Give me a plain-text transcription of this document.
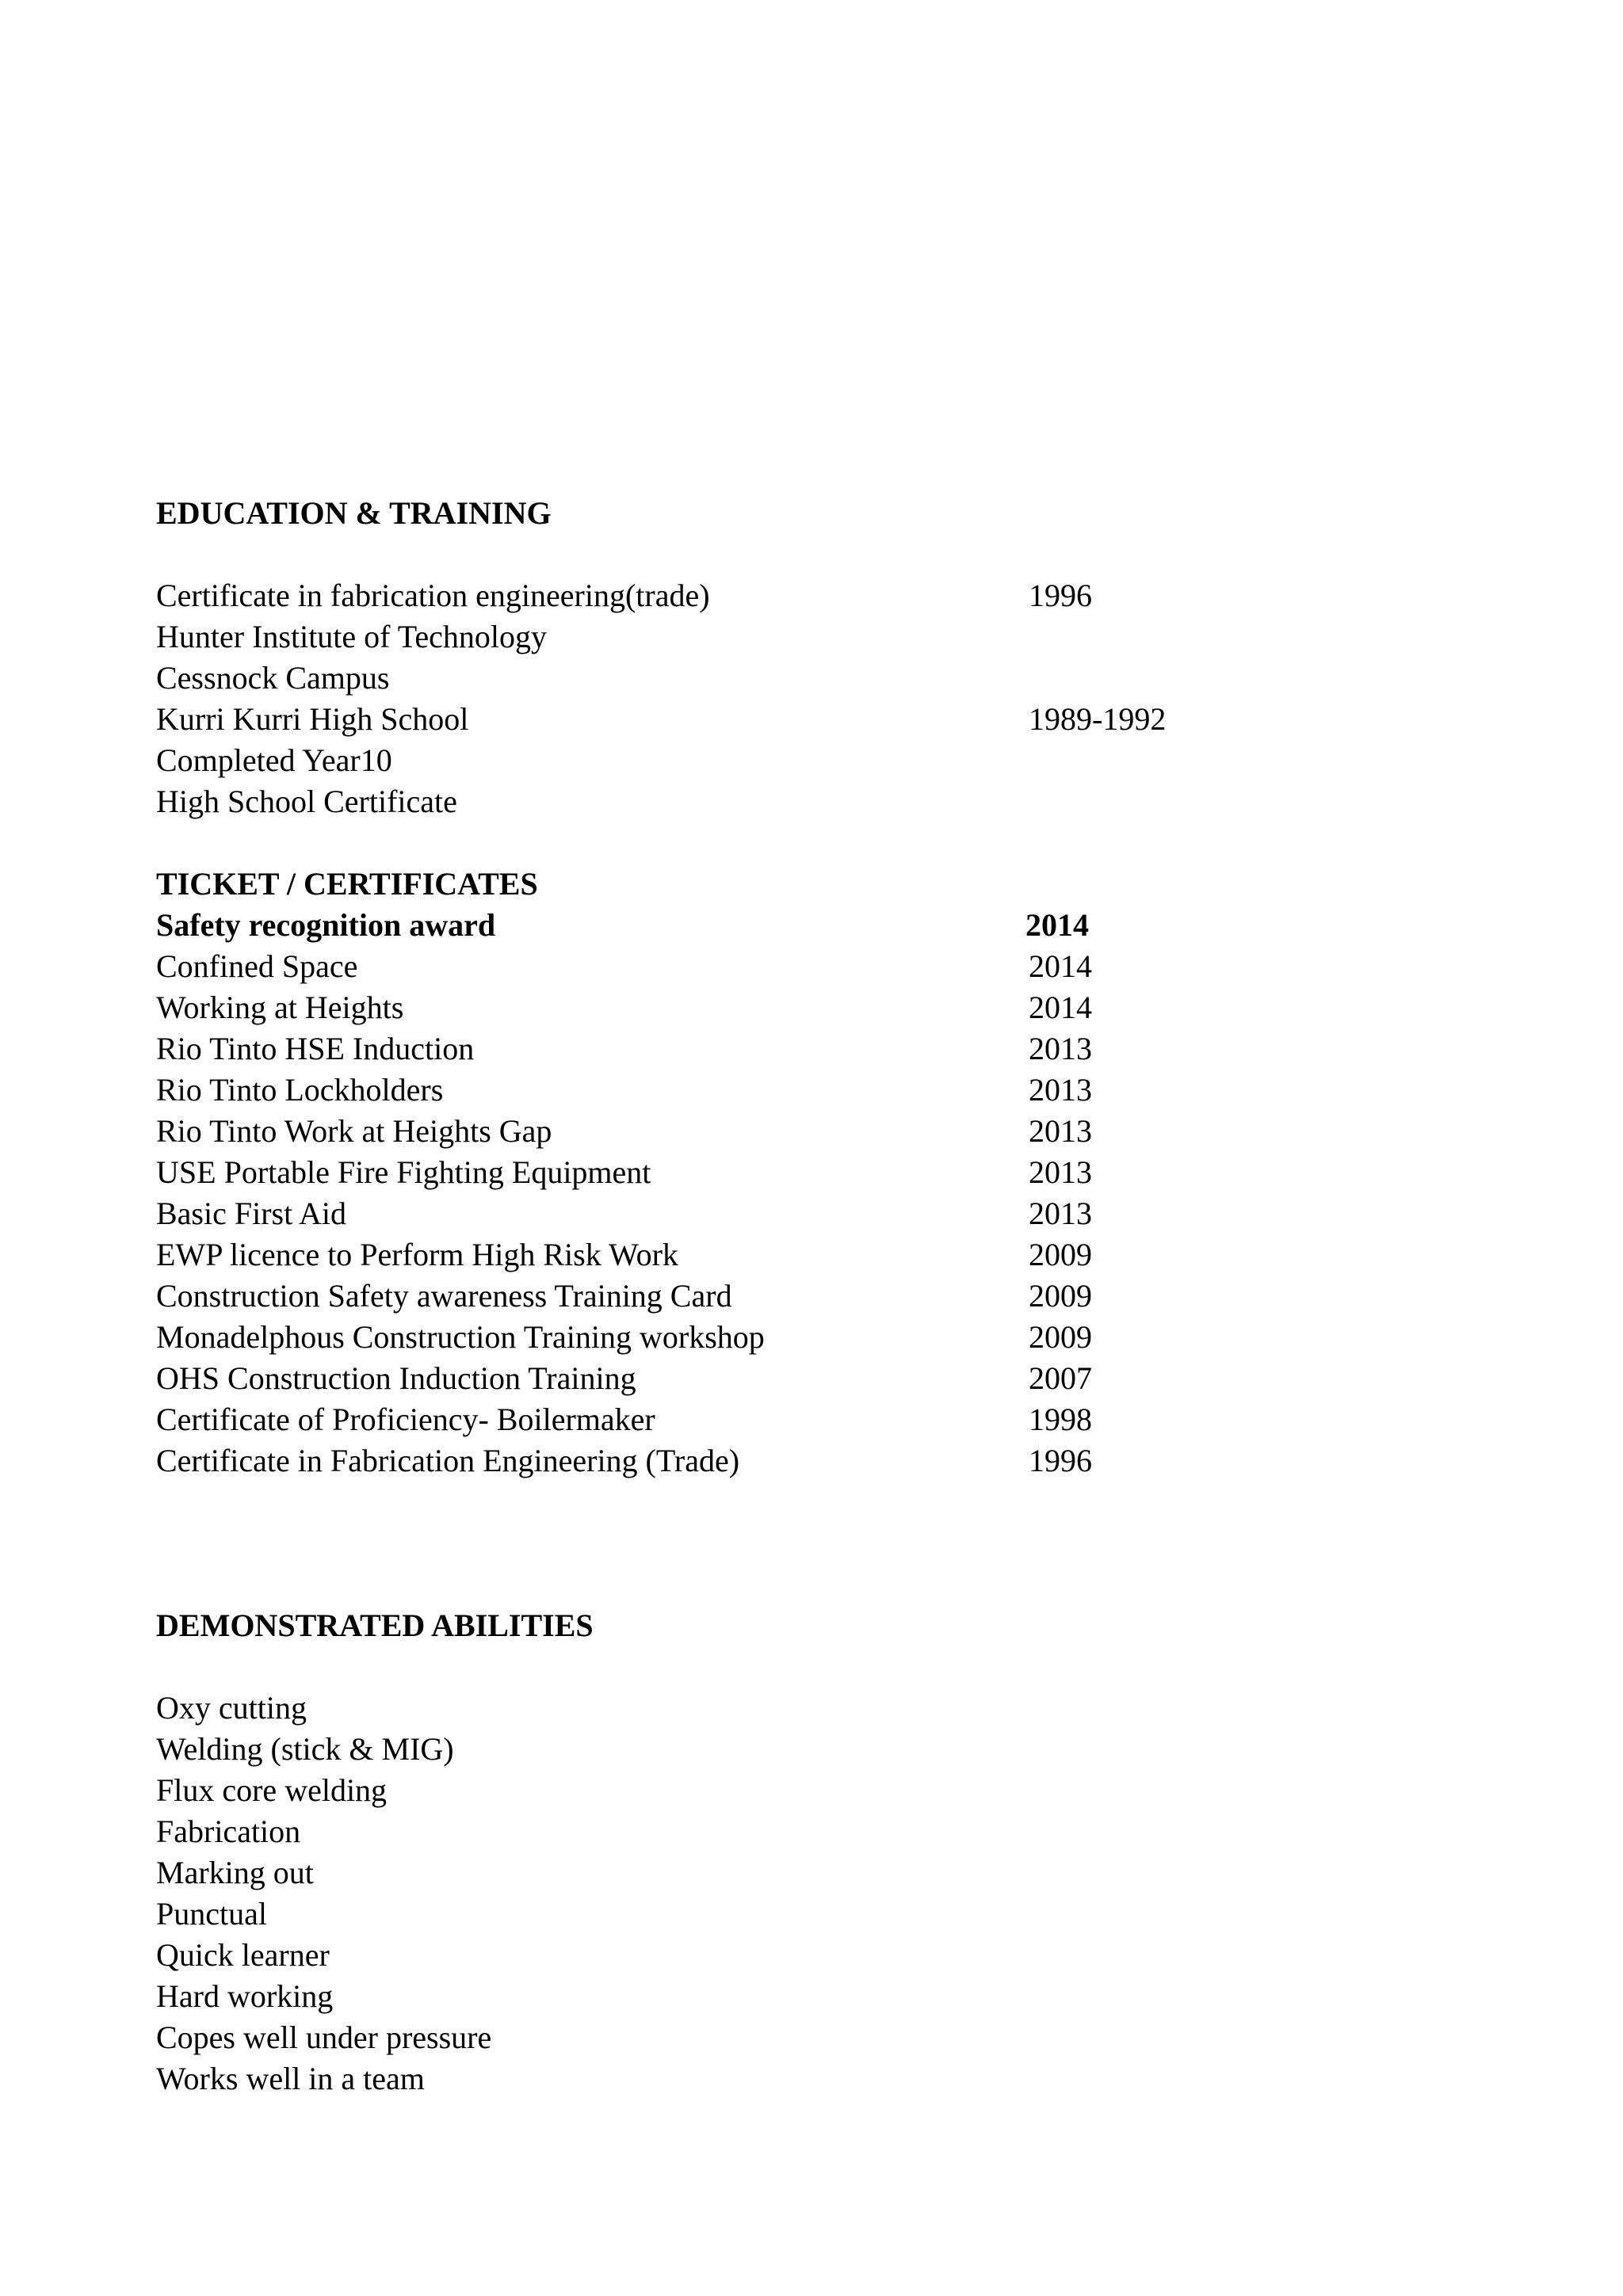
EDUCATION & TRAINING
Certificate in fabrication engineering(trade)	1996
Hunter Institute of Technology
Cessnock Campus
Kurri Kurri High School	1989-1992
Completed Year10
High School Certificate
TICKET / CERTIFICATES
Safety recognition award	2014
Confined Space	2014
Working at Heights	2014
Rio Tinto HSE Induction	2013
Rio Tinto Lockholders	2013
Rio Tinto Work at Heights Gap	2013
USE Portable Fire Fighting Equipment	2013
Basic First Aid	2013
EWP licence to Perform High Risk Work	2009
Construction Safety awareness Training Card	2009
Monadelphous Construction Training workshop	2009
OHS Construction Induction Training	2007
Certificate of Proficiency- Boilermaker	1998
Certificate in Fabrication Engineering (Trade)	1996
DEMONSTRATED ABILITIES
Oxy cutting
Welding (stick & MIG)
Flux core welding
Fabrication
Marking out
Punctual
Quick learner
Hard working
Copes well under pressure
Works well in a team
